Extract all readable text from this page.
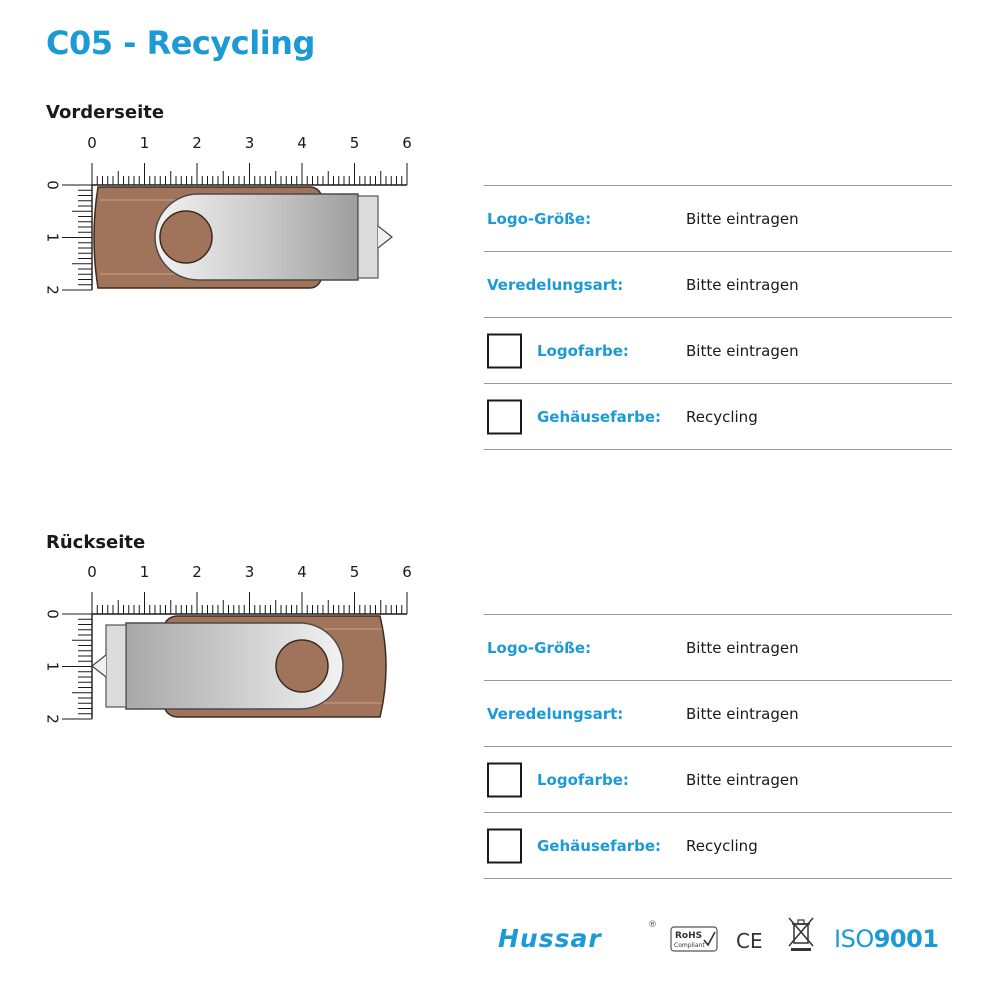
C05 - Recycling
Vorderseite
0	1	2	3	4	5	6
0
1
2
Logo-Größe:	Bitte eintragen
Veredelungsart:	Bitte eintragen
Logofarbe:	Bitte eintragen
Gehäusefarbe: Recycling
Rückseite
0	1	2	3	4	5	6
0
1
2
Logo-Größe:	Bitte eintragen
Veredelungsart:	Bitte eintragen
Logofarbe:	Bitte eintragen
Gehäusefarbe: Recycling
Hussar	®
RoHS
Compliant CE	ISO9001
